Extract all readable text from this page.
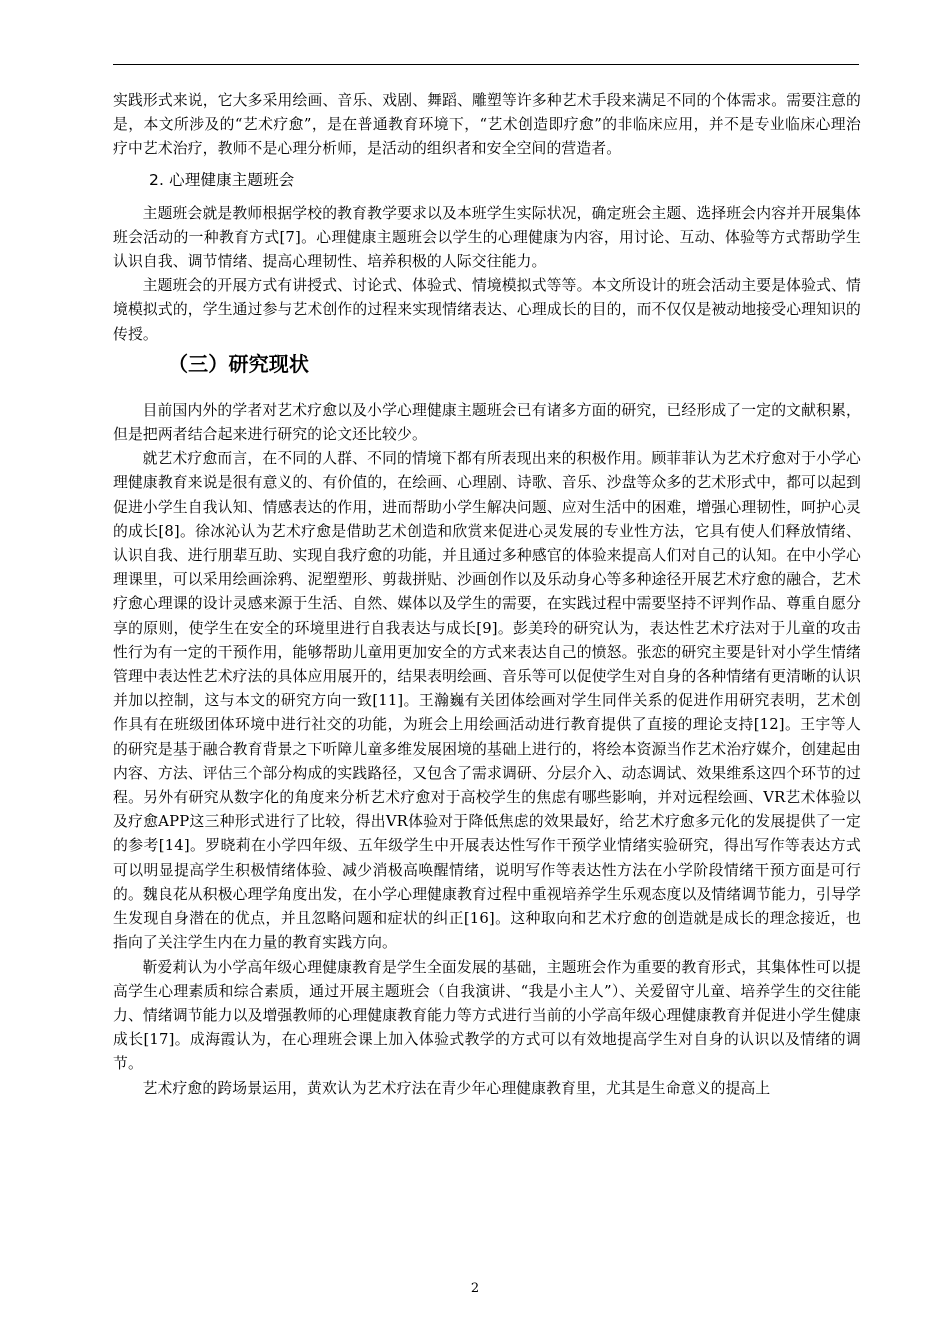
实践形式来说，它大多采用绘画、音乐、戏剧、舞蹈、雕塑等许多种艺术手段来满足不同的个体需求。需要注意的是，本文所涉及的“艺术疗愈”，是在普通教育环境下，“艺术创造即疗愈”的非临床应用，并不是专业临床心理治疗中艺术治疗，教师不是心理分析师，是活动的组织者和安全空间的营造者。

2. 心理健康主题班会

主题班会就是教师根据学校的教育教学要求以及本班学生实际状况，确定班会主题、选择班会内容并开展集体班会活动的一种教育方式[7]。心理健康主题班会以学生的心理健康为内容，用讨论、互动、体验等方式帮助学生认识自我、调节情绪、提高心理韧性、培养积极的人际交往能力。

主题班会的开展方式有讲授式、讨论式、体验式、情境模拟式等等。本文所设计的班会活动主要是体验式、情境模拟式的，学生通过参与艺术创作的过程来实现情绪表达、心理成长的目的，而不仅仅是被动地接受心理知识的传授。

（三）研究现状

目前国内外的学者对艺术疗愈以及小学心理健康主题班会已有诸多方面的研究，已经形成了一定的文献积累，但是把两者结合起来进行研究的论文还比较少。

就艺术疗愈而言，在不同的人群、不同的情境下都有所表现出来的积极作用。顾菲菲认为艺术疗愈对于小学心理健康教育来说是很有意义的、有价值的，在绘画、心理剧、诗歌、音乐、沙盘等众多的艺术形式中，都可以起到促进小学生自我认知、情感表达的作用，进而帮助小学生解决问题、应对生活中的困难，增强心理韧性，呵护心灵的成长[8]。徐冰沁认为艺术疗愈是借助艺术创造和欣赏来促进心灵发展的专业性方法，它具有使人们释放情绪、认识自我、进行朋辈互助、实现自我疗愈的功能，并且通过多种感官的体验来提高人们对自己的认知。在中小学心理课里，可以采用绘画涂鸦、泥塑塑形、剪裁拼贴、沙画创作以及乐动身心等多种途径开展艺术疗愈的融合，艺术疗愈心理课的设计灵感来源于生活、自然、媒体以及学生的需要，在实践过程中需要坚持不评判作品、尊重自愿分享的原则，使学生在安全的环境里进行自我表达与成长[9]。彭美玲的研究认为，表达性艺术疗法对于儿童的攻击性行为有一定的干预作用，能够帮助儿童用更加安全的方式来表达自己的愤怒。张恋的研究主要是针对小学生情绪管理中表达性艺术疗法的具体应用展开的，结果表明绘画、音乐等可以促使学生对自身的各种情绪有更清晰的认识并加以控制，这与本文的研究方向一致[11]。王瀚巍有关团体绘画对学生同伴关系的促进作用研究表明，艺术创作具有在班级团体环境中进行社交的功能，为班会上用绘画活动进行教育提供了直接的理论支持[12]。王宇等人的研究是基于融合教育背景之下听障儿童多维发展困境的基础上进行的，将绘本资源当作艺术治疗媒介，创建起由内容、方法、评估三个部分构成的实践路径，又包含了需求调研、分层介入、动态调试、效果维系这四个环节的过程。另外有研究从数字化的角度来分析艺术疗愈对于高校学生的焦虑有哪些影响，并对远程绘画、VR艺术体验以及疗愈APP这三种形式进行了比较，得出VR体验对于降低焦虑的效果最好，给艺术疗愈多元化的发展提供了一定的参考[14]。罗晓莉在小学四年级、五年级学生中开展表达性写作干预学业情绪实验研究，得出写作等表达方式可以明显提高学生积极情绪体验、减少消极高唤醒情绪，说明写作等表达性方法在小学阶段情绪干预方面是可行的。魏良花从积极心理学角度出发，在小学心理健康教育过程中重视培养学生乐观态度以及情绪调节能力，引导学生发现自身潜在的优点，并且忽略问题和症状的纠正[16]。这种取向和艺术疗愈的创造就是成长的理念接近，也指向了关注学生内在力量的教育实践方向。

靳爱莉认为小学高年级心理健康教育是学生全面发展的基础，主题班会作为重要的教育形式，其集体性可以提高学生心理素质和综合素质，通过开展主题班会（自我演讲、“我是小主人”）、关爱留守儿童、培养学生的交往能力、情绪调节能力以及增强教师的心理健康教育能力等方式进行当前的小学高年级心理健康教育并促进小学生健康成长[17]。成海霞认为，在心理班会课上加入体验式教学的方式可以有效地提高学生对自身的认识以及情绪的调节。

艺术疗愈的跨场景运用，黄欢认为艺术疗法在青少年心理健康教育里，尤其是生命意义的提高上

2
